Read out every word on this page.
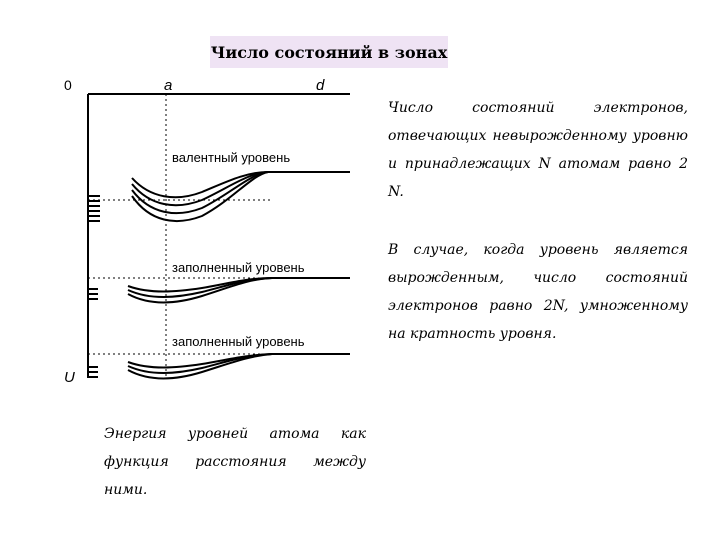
Число состояний в зонах
0	a	d
U
валентный уровень
заполненный уровень
заполненный уровень
Число состояний электронов, отвечающих невырожденному уровню и принадлежащих N атомам равно 2 N.
В случае, когда уровень является вырожденным, число состояний электронов равно 2N, умноженному на кратность уровня.
Энергия уровней атома как функция расстояния между ними.
